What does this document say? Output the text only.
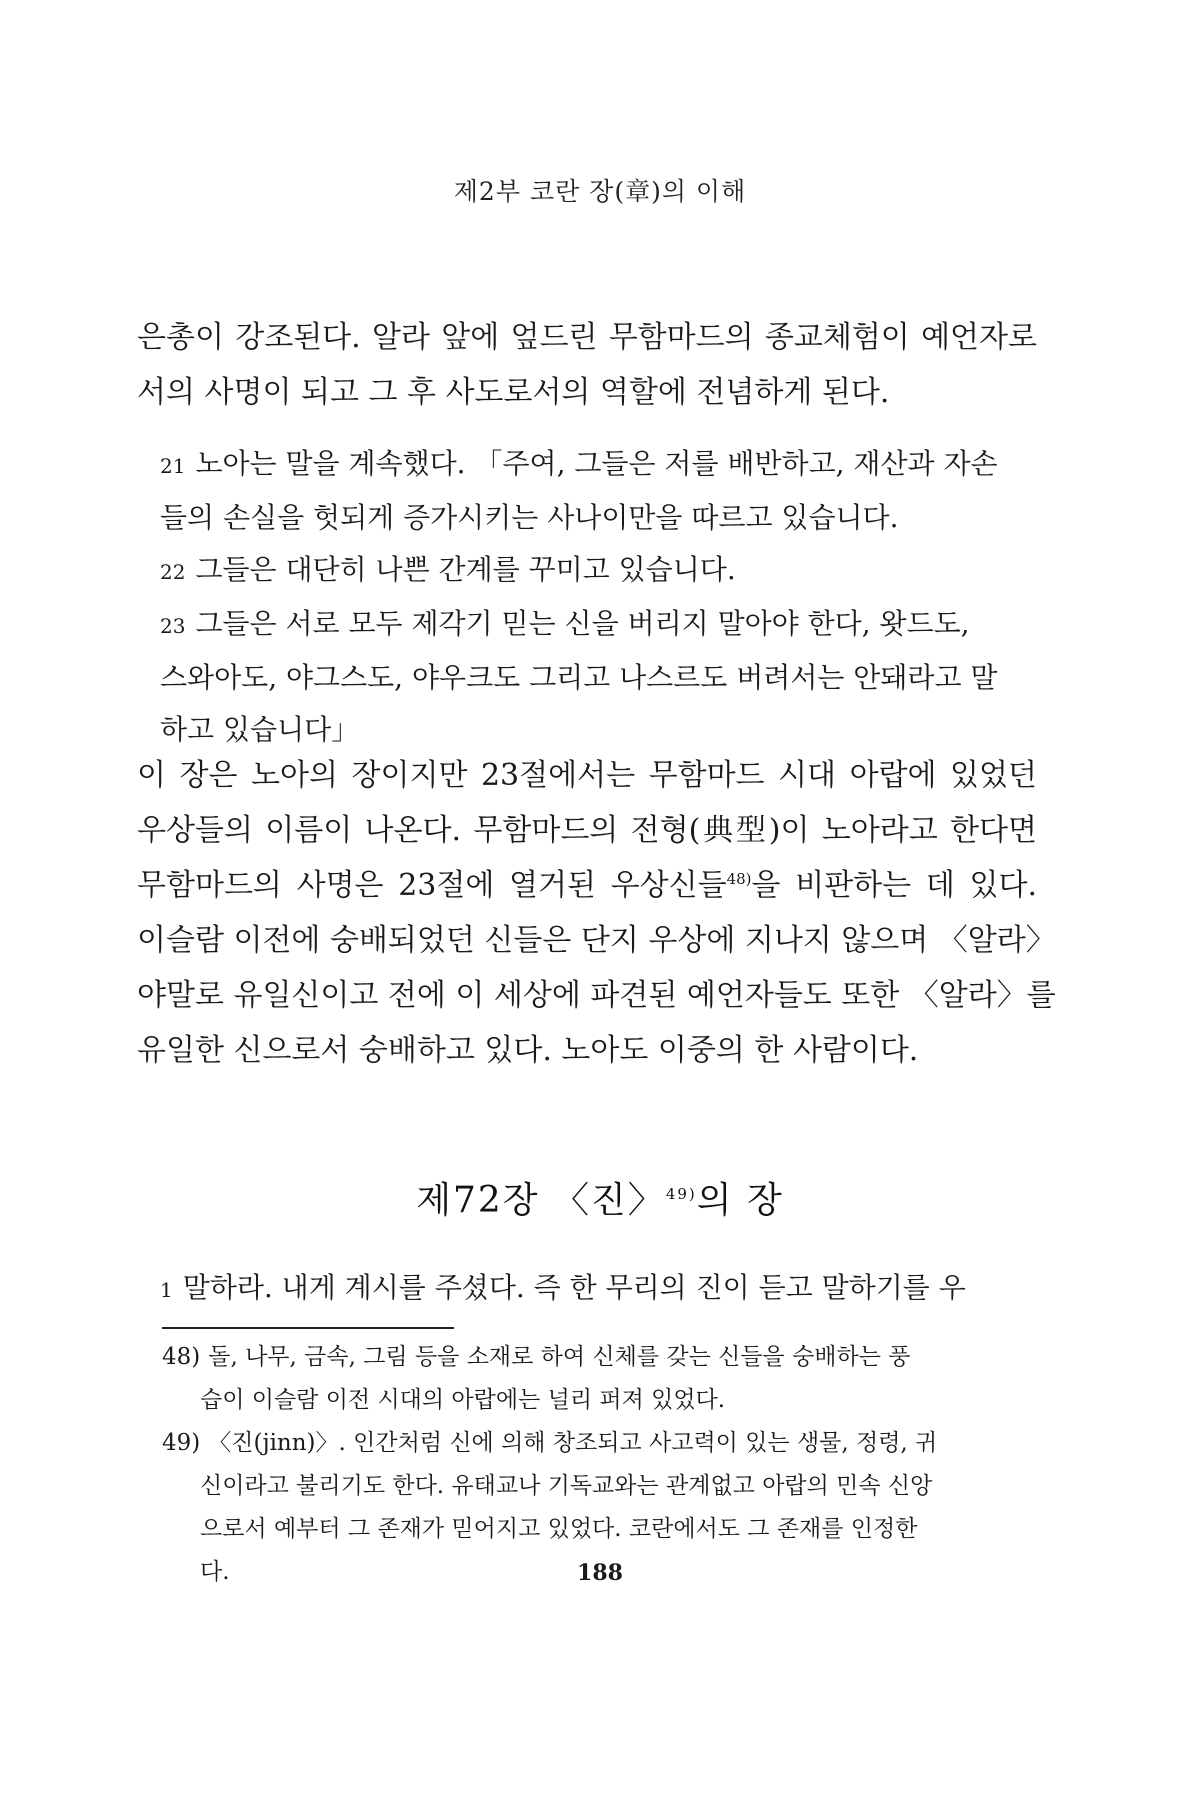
제2부 코란 장(章)의 이해
은총이 강조된다. 알라 앞에 엎드린 무함마드의 종교체험이 예언자로
서의 사명이 되고 그 후 사도로서의 역할에 전념하게 된다.
21 노아는 말을 계속했다. 「주여, 그들은 저를 배반하고, 재산과 자손
들의 손실을 헛되게 증가시키는 사나이만을 따르고 있습니다.
22 그들은 대단히 나쁜 간계를 꾸미고 있습니다.
23 그들은 서로 모두 제각기 믿는 신을 버리지 말아야 한다, 왓드도,
스와아도, 야그스도, 야우크도 그리고 나스르도 버려서는 안돼라고 말
하고 있습니다」
이 장은 노아의 장이지만 23절에서는 무함마드 시대 아랍에 있었던
우상들의 이름이 나온다. 무함마드의 전형(典型)이 노아라고 한다면
무함마드의 사명은 23절에 열거된 우상신들$^{48)}$을 비판하는 데 있다.
이슬람 이전에 숭배되었던 신들은 단지 우상에 지나지 않으며 〈알라〉
야말로 유일신이고 전에 이 세상에 파견된 예언자들도 또한 〈알라〉를
유일한 신으로서 숭배하고 있다. 노아도 이중의 한 사람이다.
제72장 〈진〉$^{49)}$의 장
1 말하라. 내게 계시를 주셨다. 즉 한 무리의 진이 듣고 말하기를 우
48) 돌, 나무, 금속, 그림 등을 소재로 하여 신체를 갖는 신들을 숭배하는 풍
습이 이슬람 이전 시대의 아랍에는 널리 퍼져 있었다.
49) 〈진(jinn)〉. 인간처럼 신에 의해 창조되고 사고력이 있는 생물, 정령, 귀
신이라고 불리기도 한다. 유태교나 기독교와는 관계없고 아랍의 민속 신앙
으로서 예부터 그 존재가 믿어지고 있었다. 코란에서도 그 존재를 인정한
다.	188
